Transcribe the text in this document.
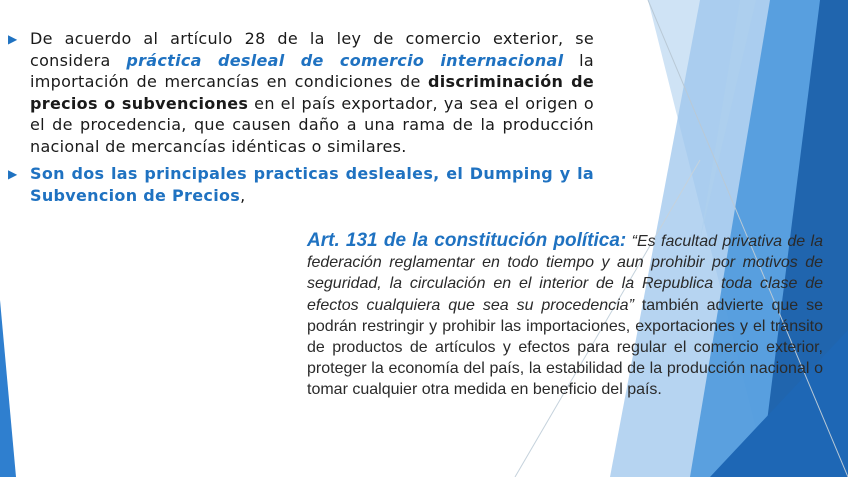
▶ De acuerdo al artículo 28 de la ley de comercio exterior, se considera práctica desleal de comercio internacional la importación de mercancías en condiciones de discriminación de precios o subvenciones en el país exportador, ya sea el origen o el de procedencia, que causen daño a una rama de la producción nacional de mercancías idénticas o similares.
▶ Son dos las principales practicas desleales, el Dumping y la Subvencion de Precios,
Art. 131 de la constitución política: “Es facultad privativa de la federación reglamentar en todo tiempo y aun prohibir por motivos de seguridad, la circulación en el interior de la Republica toda clase de efectos cualquiera que sea su procedencia” también advierte que se podrán restringir y prohibir las importaciones, exportaciones y el tránsito de productos de artículos y efectos para regular el comercio exterior, proteger la economía del país, la estabilidad de la producción nacional o tomar cualquier otra medida en beneficio del país.
